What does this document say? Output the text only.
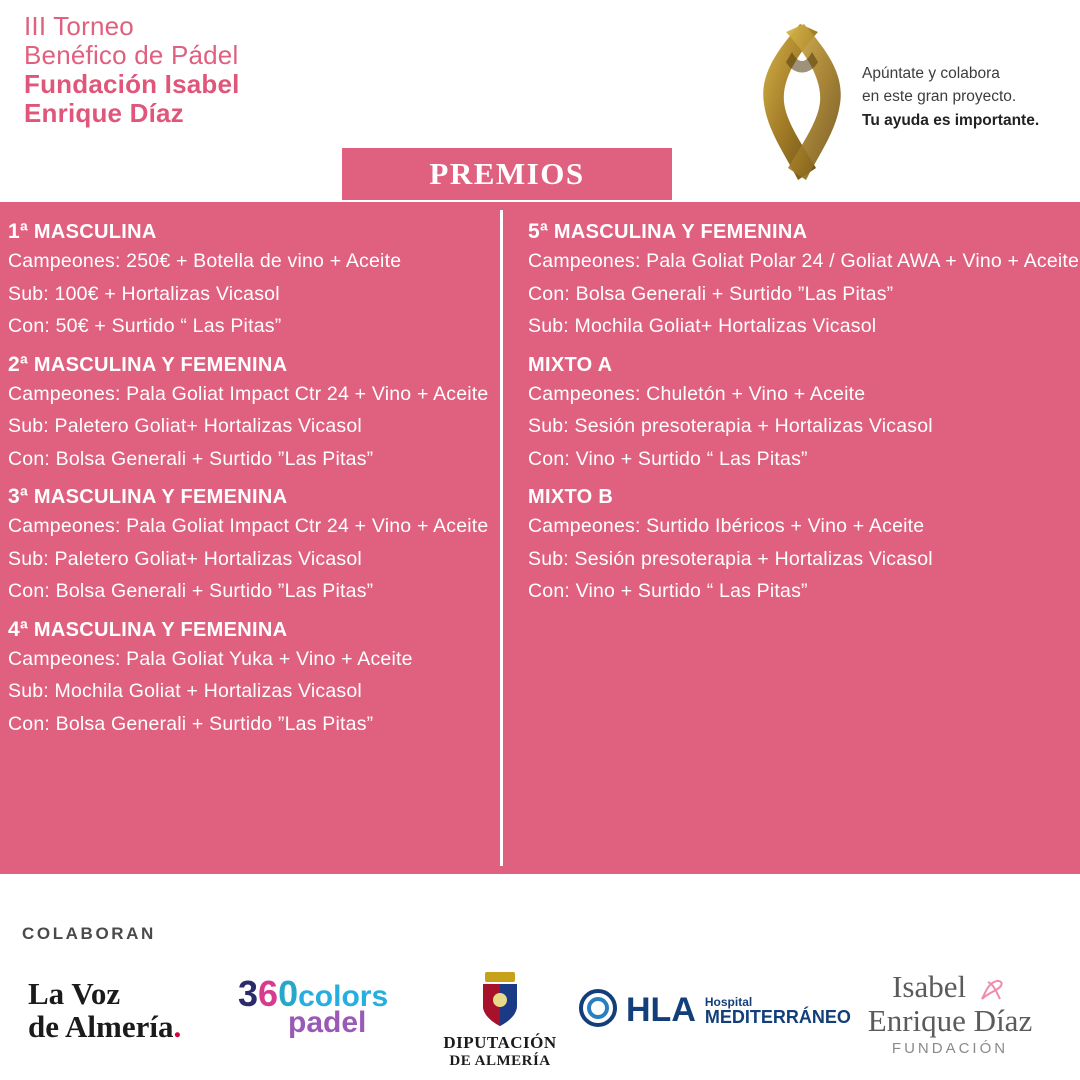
III Torneo
Benéfico de Pádel
Fundación Isabel
Enrique Díaz
Apúntate y colabora
en este gran proyecto.
Tu ayuda es importante.
PREMIOS
1ª MASCULINA
Campeones: 250€ + Botella de vino + Aceite
Sub: 100€ + Hortalizas Vicasol
Con: 50€ + Surtido “ Las Pitas”
2ª MASCULINA Y FEMENINA
Campeones: Pala Goliat Impact Ctr 24 + Vino + Aceite
Sub: Paletero Goliat+ Hortalizas Vicasol
Con: Bolsa Generali + Surtido ”Las Pitas”
3ª MASCULINA Y FEMENINA
Campeones: Pala Goliat Impact Ctr 24 + Vino + Aceite
Sub: Paletero Goliat+ Hortalizas Vicasol
Con: Bolsa Generali + Surtido ”Las Pitas”
4ª MASCULINA Y FEMENINA
Campeones: Pala Goliat Yuka + Vino + Aceite
Sub: Mochila Goliat + Hortalizas Vicasol
Con: Bolsa Generali + Surtido ”Las Pitas”
5ª MASCULINA Y FEMENINA
Campeones: Pala Goliat Polar 24 / Goliat AWA + Vino + Aceite
Con: Bolsa Generali + Surtido ”Las Pitas”
Sub: Mochila Goliat+ Hortalizas Vicasol
MIXTO A
Campeones: Chuletón + Vino + Aceite
Sub: Sesión presoterapia + Hortalizas Vicasol
Con: Vino + Surtido “ Las Pitas”
MIXTO B
Campeones: Surtido Ibéricos + Vino + Aceite
Sub: Sesión presoterapia + Hortalizas Vicasol
Con: Vino + Surtido “ Las Pitas”
COLABORAN
La Voz
de Almería.
360colors
padel
DIPUTACIÓN
DE ALMERÍA
HLA Hospital
MEDITERRÁNEO
Isabel
Enrique Díaz
FUNDACIÓN
